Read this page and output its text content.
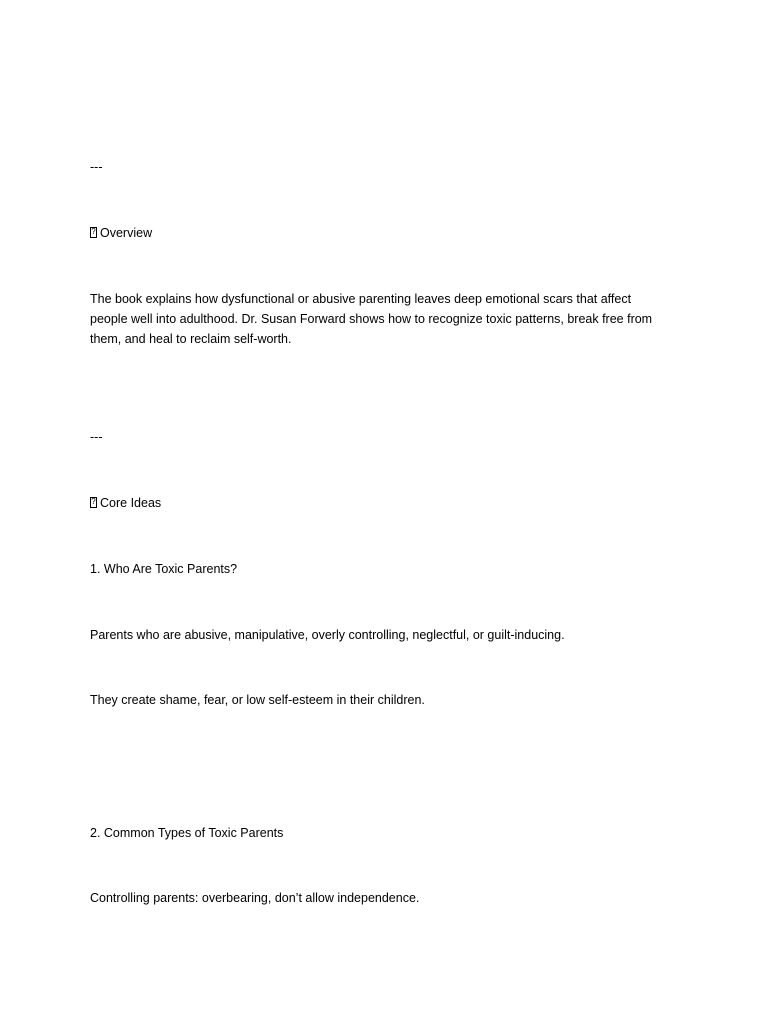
---
?Overview
The book explains how dysfunctional or abusive parenting leaves deep emotional scars that affect
people well into adulthood. Dr. Susan Forward shows how to recognize toxic patterns, break free from
them, and heal to reclaim self-worth.
---
?Core Ideas
1. Who Are Toxic Parents?
Parents who are abusive, manipulative, overly controlling, neglectful, or guilt-inducing.
They create shame, fear, or low self-esteem in their children.
2. Common Types of Toxic Parents
Controlling parents: overbearing, don’t allow independence.
